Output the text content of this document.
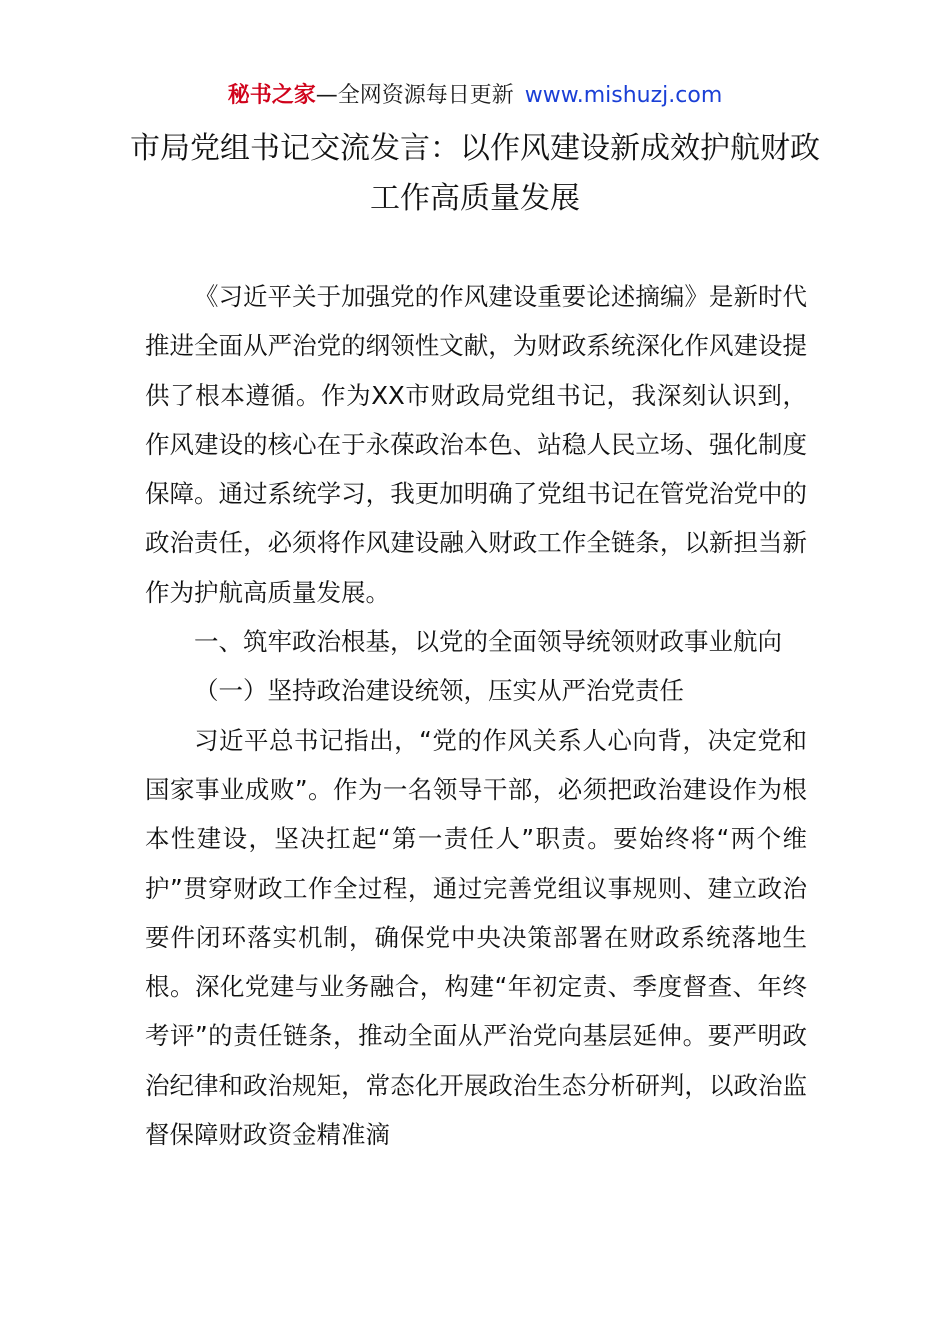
秘书之家—全网资源每日更新 www.mishuzj.com
市局党组书记交流发言：以作风建设新成效护航财政工作高质量发展

《习近平关于加强党的作风建设重要论述摘编》是新时代推进全面从严治党的纲领性文献，为财政系统深化作风建设提供了根本遵循。作为XX市财政局党组书记，我深刻认识到，作风建设的核心在于永葆政治本色、站稳人民立场、强化制度保障。通过系统学习，我更加明确了党组书记在管党治党中的政治责任，必须将作风建设融入财政工作全链条，以新担当新作为护航高质量发展。

一、筑牢政治根基，以党的全面领导统领财政事业航向

（一）坚持政治建设统领，压实从严治党责任

习近平总书记指出，“党的作风关系人心向背，决定党和国家事业成败”。作为一名领导干部，必须把政治建设作为根本性建设，坚决扛起“第一责任人”职责。要始终将“两个维护”贯穿财政工作全过程，通过完善党组议事规则、建立政治要件闭环落实机制，确保党中央决策部署在财政系统落地生根。深化党建与业务融合，构建“年初定责、季度督查、年终考评”的责任链条，推动全面从严治党向基层延伸。要严明政治纪律和政治规矩，常态化开展政治生态分析研判，以政治监督保障财政资金精准滴
